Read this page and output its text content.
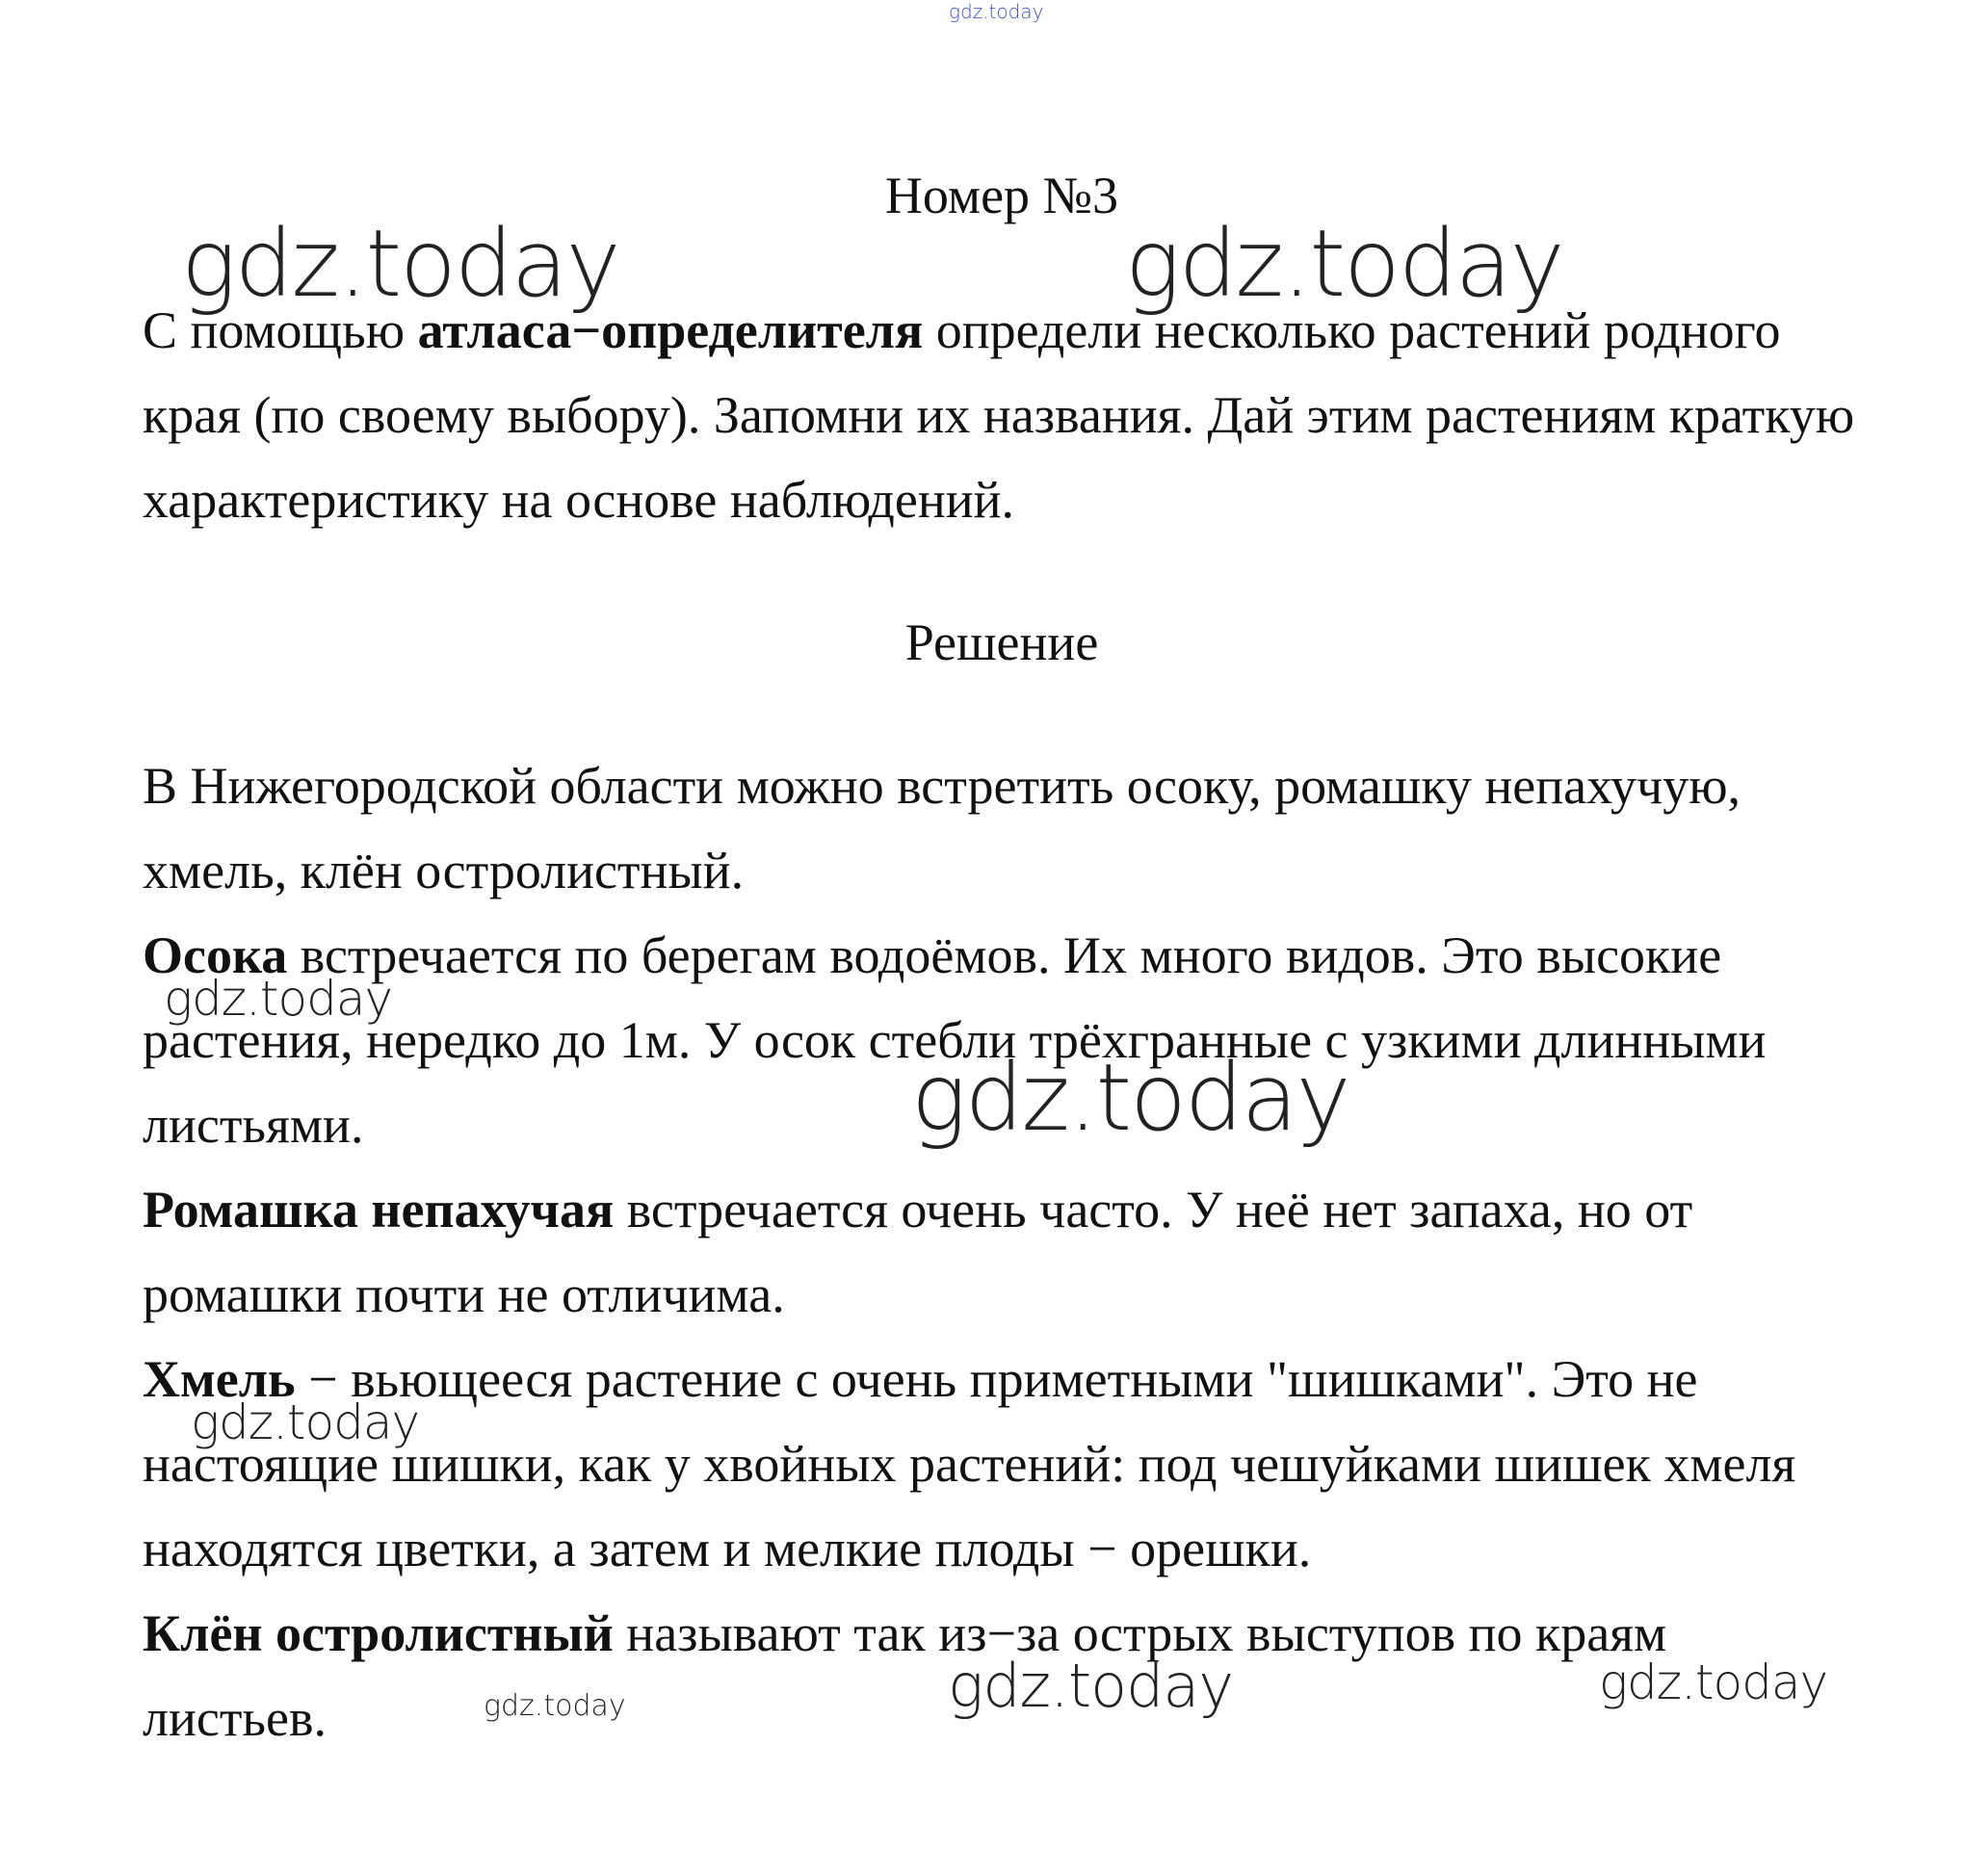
gdz.today
Номер №3

С помощью атласа−определителя определи несколько растений родного края (по своему выбору). Запомни их названия. Дай этим растениям краткую характеристику на основе наблюдений.

Решение

В Нижегородской области можно встретить осоку, ромашку непахучую, хмель, клён остролистный.

Осока встречается по берегам водоёмов. Их много видов. Это высокие растения, нередко до 1м. У осок стебли трёхгранные с узкими длинными листьями.

Ромашка непахучая встречается очень часто. У неё нет запаха, но от ромашки почти не отличима.

Хмель − вьющееся растение с очень приметными "шишками". Это не настоящие шишки, как у хвойных растений: под чешуйками шишек хмеля находятся цветки, а затем и мелкие плоды − орешки.

Клён остролистный называют так из−за острых выступов по краям листьев.

gdz.today	gdz.today
gdz.today
gdz.today
gdz.today
gdz.today	gdz.today
gdz.today
